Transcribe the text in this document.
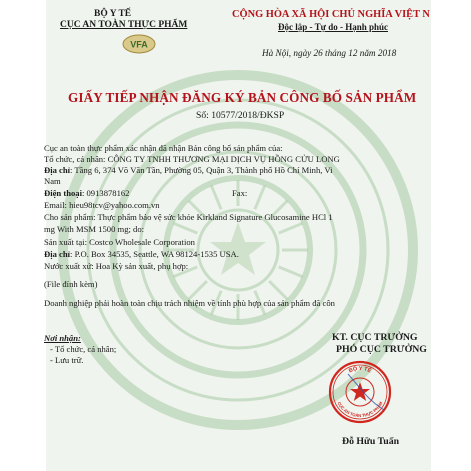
BỘ Y TẾ
CỤC AN TOÀN THỰC PHẨM
VFA
CỘNG HÒA XÃ HỘI CHỦ NGHĨA VIỆT N
Độc lập - Tự do - Hạnh phúc
Hà Nội, ngày 26 tháng 12 năm 2018
GIẤY TIẾP NHẬN ĐĂNG KÝ BẢN CÔNG BỐ SẢN PHẨM
Số: 10577/2018/ĐKSP
Cục an toàn thực phẩm xác nhận đã nhận Bản công bố sản phẩm của:
Tổ chức, cá nhân: CÔNG TY TNHH THƯƠNG MẠI DỊCH VỤ HỒNG CỬU LONG
Địa chỉ: Tầng 6, 374 Võ Văn Tần, Phường 05, Quận 3, Thành phố Hồ Chí Minh, Vi
Nam
Điện thoại: 0913878162	Fax:
Email: hieu98tcv@yahoo.com.vn
Cho sản phẩm: Thực phẩm bảo vệ sức khỏe Kirkland Signature Glucosamine HCl 1
mg With MSM 1500 mg; do:
Sản xuất tại: Costco Wholesale Corporation
Địa chỉ: P.O. Box 34535, Seattle, WA 98124-1535 USA.
Nước xuất xứ: Hoa Kỳ sản xuất, phụ hợp:
(File đính kèm)
Doanh nghiệp phải hoàn toàn chịu trách nhiệm về tính phù hợp của sản phẩm đã côn
Nơi nhận:
- Tổ chức, cá nhân;
- Lưu trữ.
KT. CỤC TRƯỞNG
PHÓ CỤC TRƯỞNG
BỘ Y TẾ
CỤC AN TOÀN THỰC PHẨM
Đỗ Hữu Tuấn
